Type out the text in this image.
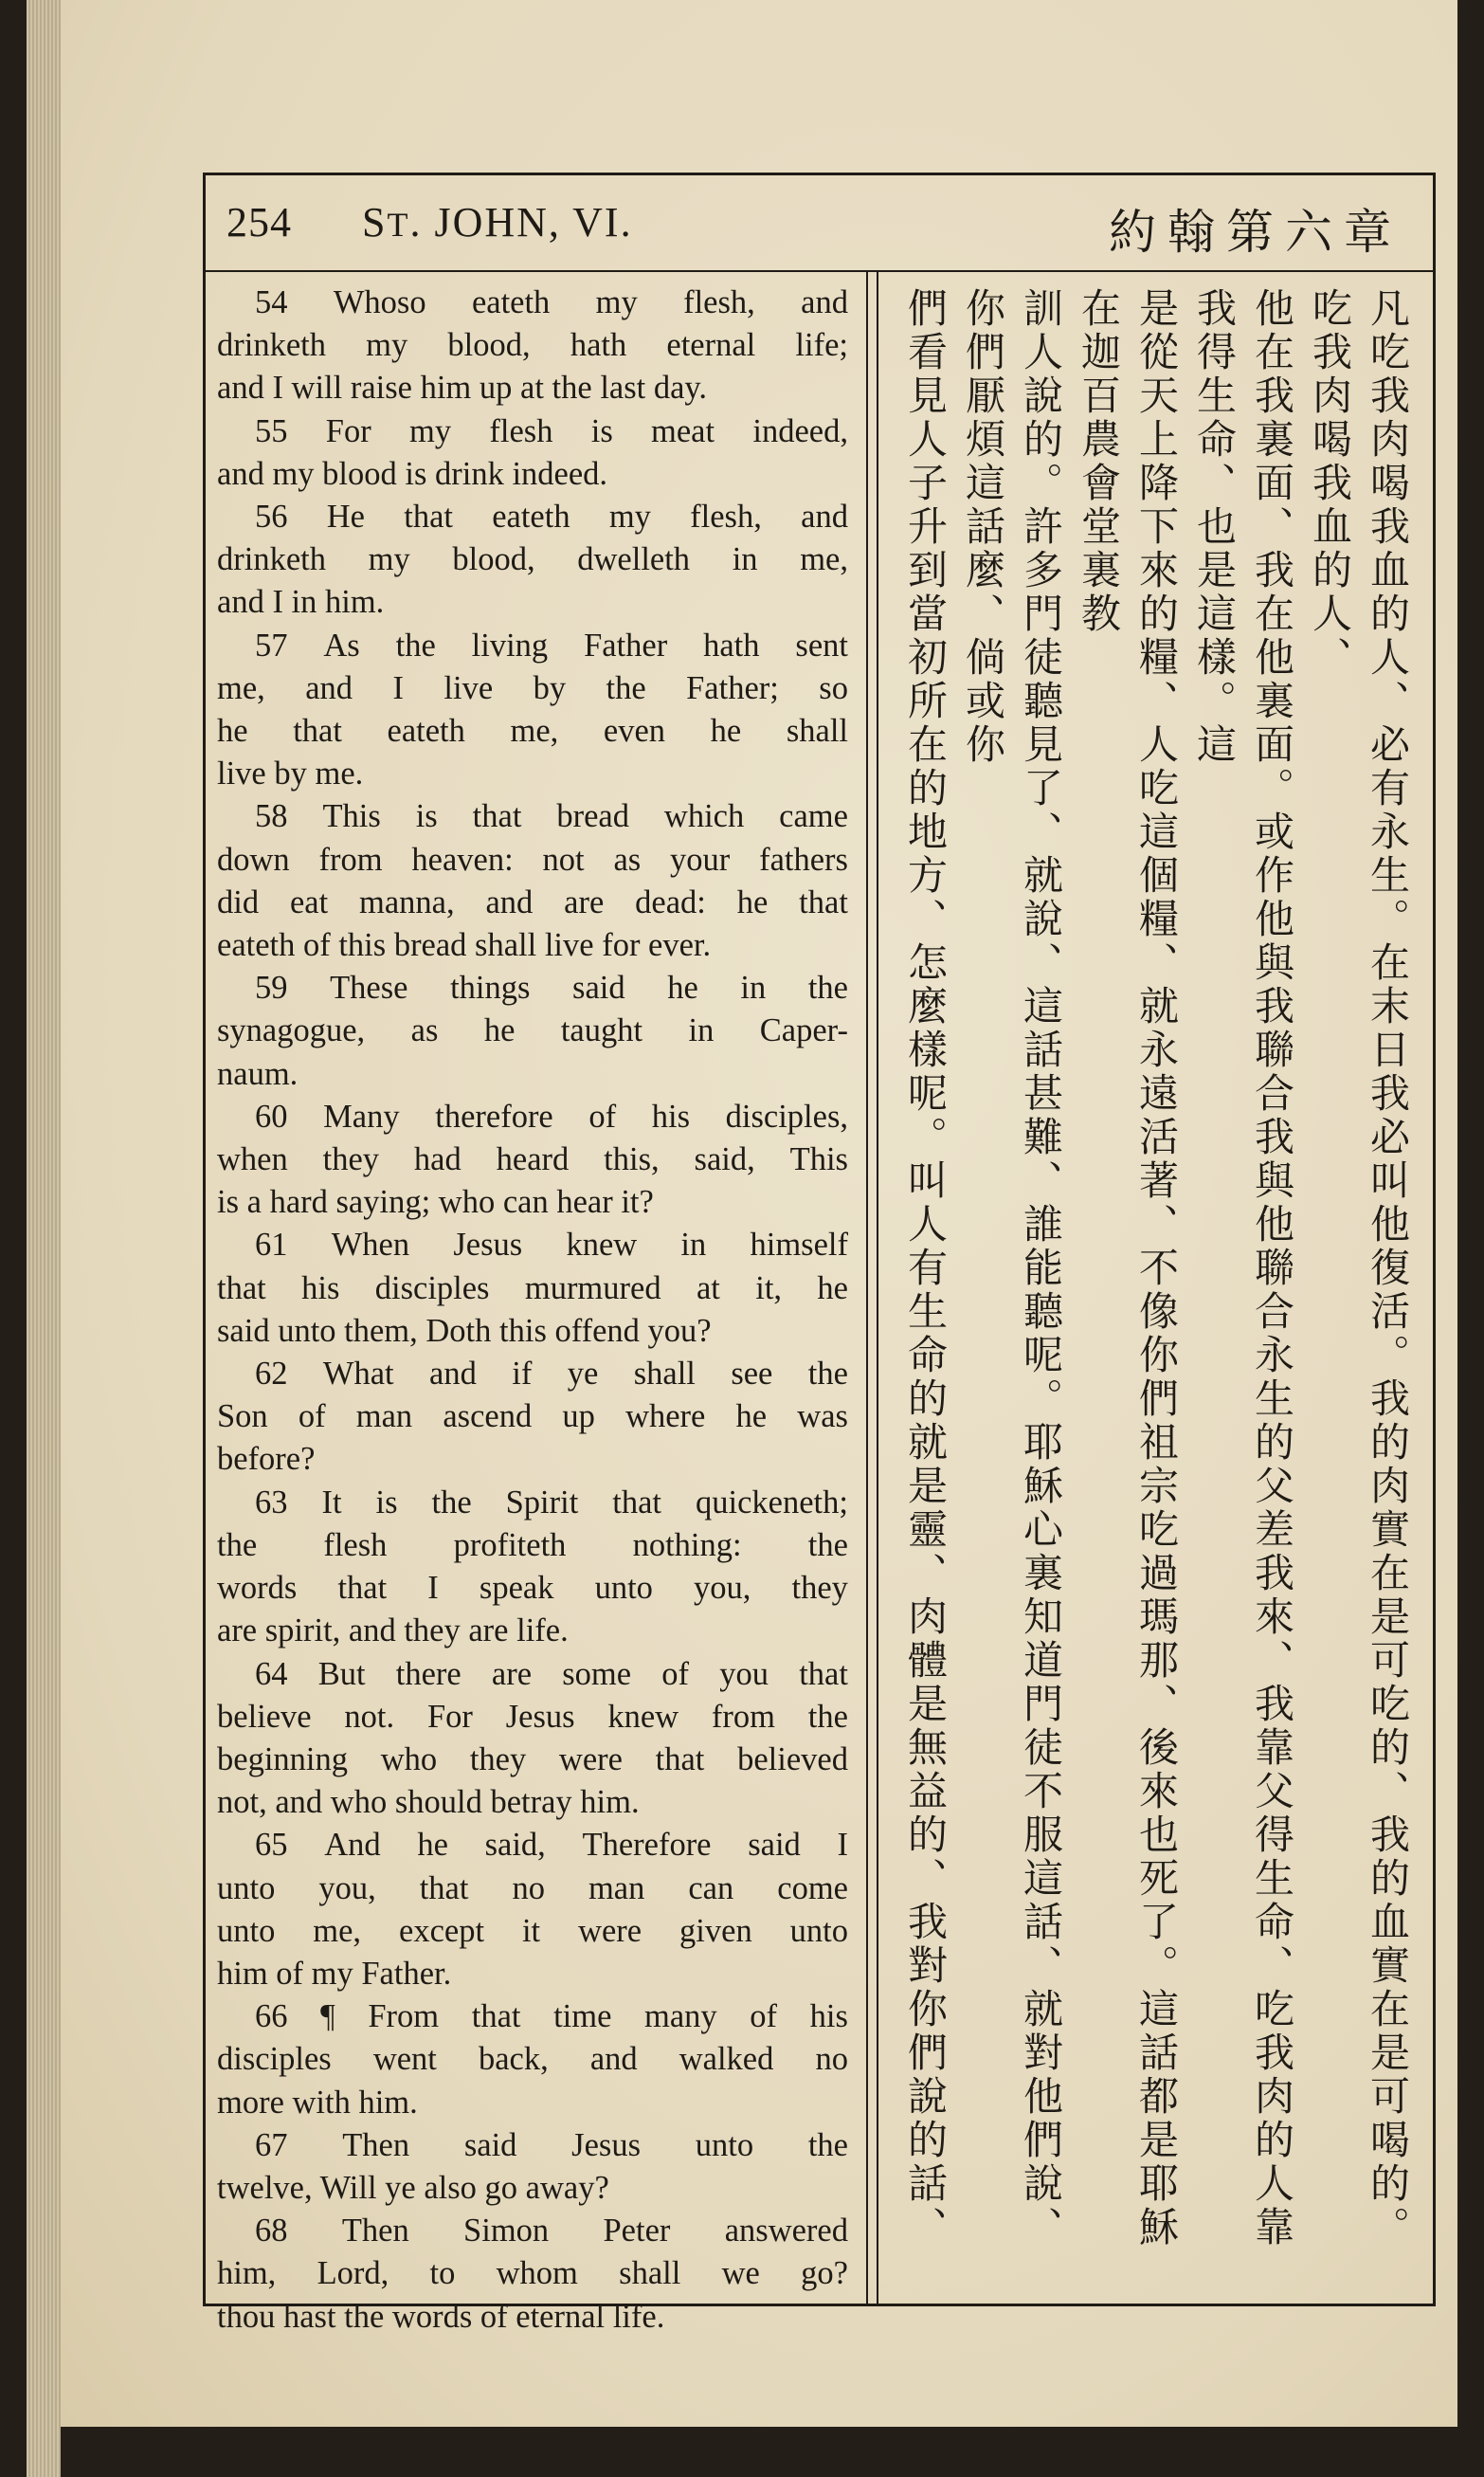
254 ST. JOHN, VI.	約翰第六章
54 Whoso eateth my flesh, and
drinketh my blood, hath eternal life;
and I will raise him up at the last day.
55 For my flesh is meat indeed,
and my blood is drink indeed.
56 He that eateth my flesh, and
drinketh my blood, dwelleth in me,
and I in him.
57 As the living Father hath sent
me, and I live by the Father; so
he that eateth me, even he shall
live by me.
58 This is that bread which came
down from heaven: not as your fathers
did eat manna, and are dead: he that
eateth of this bread shall live for ever.
59 These things said he in the
synagogue, as he taught in Caper-
naum.
60 Many therefore of his disciples,
when they had heard this, said, This
is a hard saying; who can hear it?
61 When Jesus knew in himself
that his disciples murmured at it, he
said unto them, Doth this offend you?
62 What and if ye shall see the
Son of man ascend up where he was
before?
63 It is the Spirit that quickeneth;
the flesh profiteth nothing: the
words that I speak unto you, they
are spirit, and they are life.
64 But there are some of you that
believe not. For Jesus knew from the
beginning who they were that believed
not, and who should betray him.
65 And he said, Therefore said I
unto you, that no man can come
unto me, except it were given unto
him of my Father.
66 ¶ From that time many of his
disciples went back, and walked no
more with him.
67 Then said Jesus unto the
twelve, Will ye also go away?
68 Then Simon Peter answered
him, Lord, to whom shall we go?
thou hast the words of eternal life.

凡吃我肉喝我血的人、必有永生。在末日我必叫他復活。我的肉實在是可吃的、我的血實在是可喝的。吃我肉喝我血的人、

他在我裏面、我在他裏面。或作他與我聯合我與他聯合永生的父差我來、我靠父得生命、吃我肉的人靠我得生命、也是這樣。這

是從天上降下來的糧、人吃這個糧、就永遠活著、不像你們祖宗吃過瑪那、後來也死了。這話都是耶穌在迦百農會堂裏教

訓人說的。許多門徒聽見了、就說、這話甚難、誰能聽呢。耶穌心裏知道門徒不服這話、就對他們說、你們厭煩這話麼、倘或你

們看見人子升到當初所在的地方、怎麼樣呢。叫人有生命的就是靈、肉體是無益的、我對你們說的話、
